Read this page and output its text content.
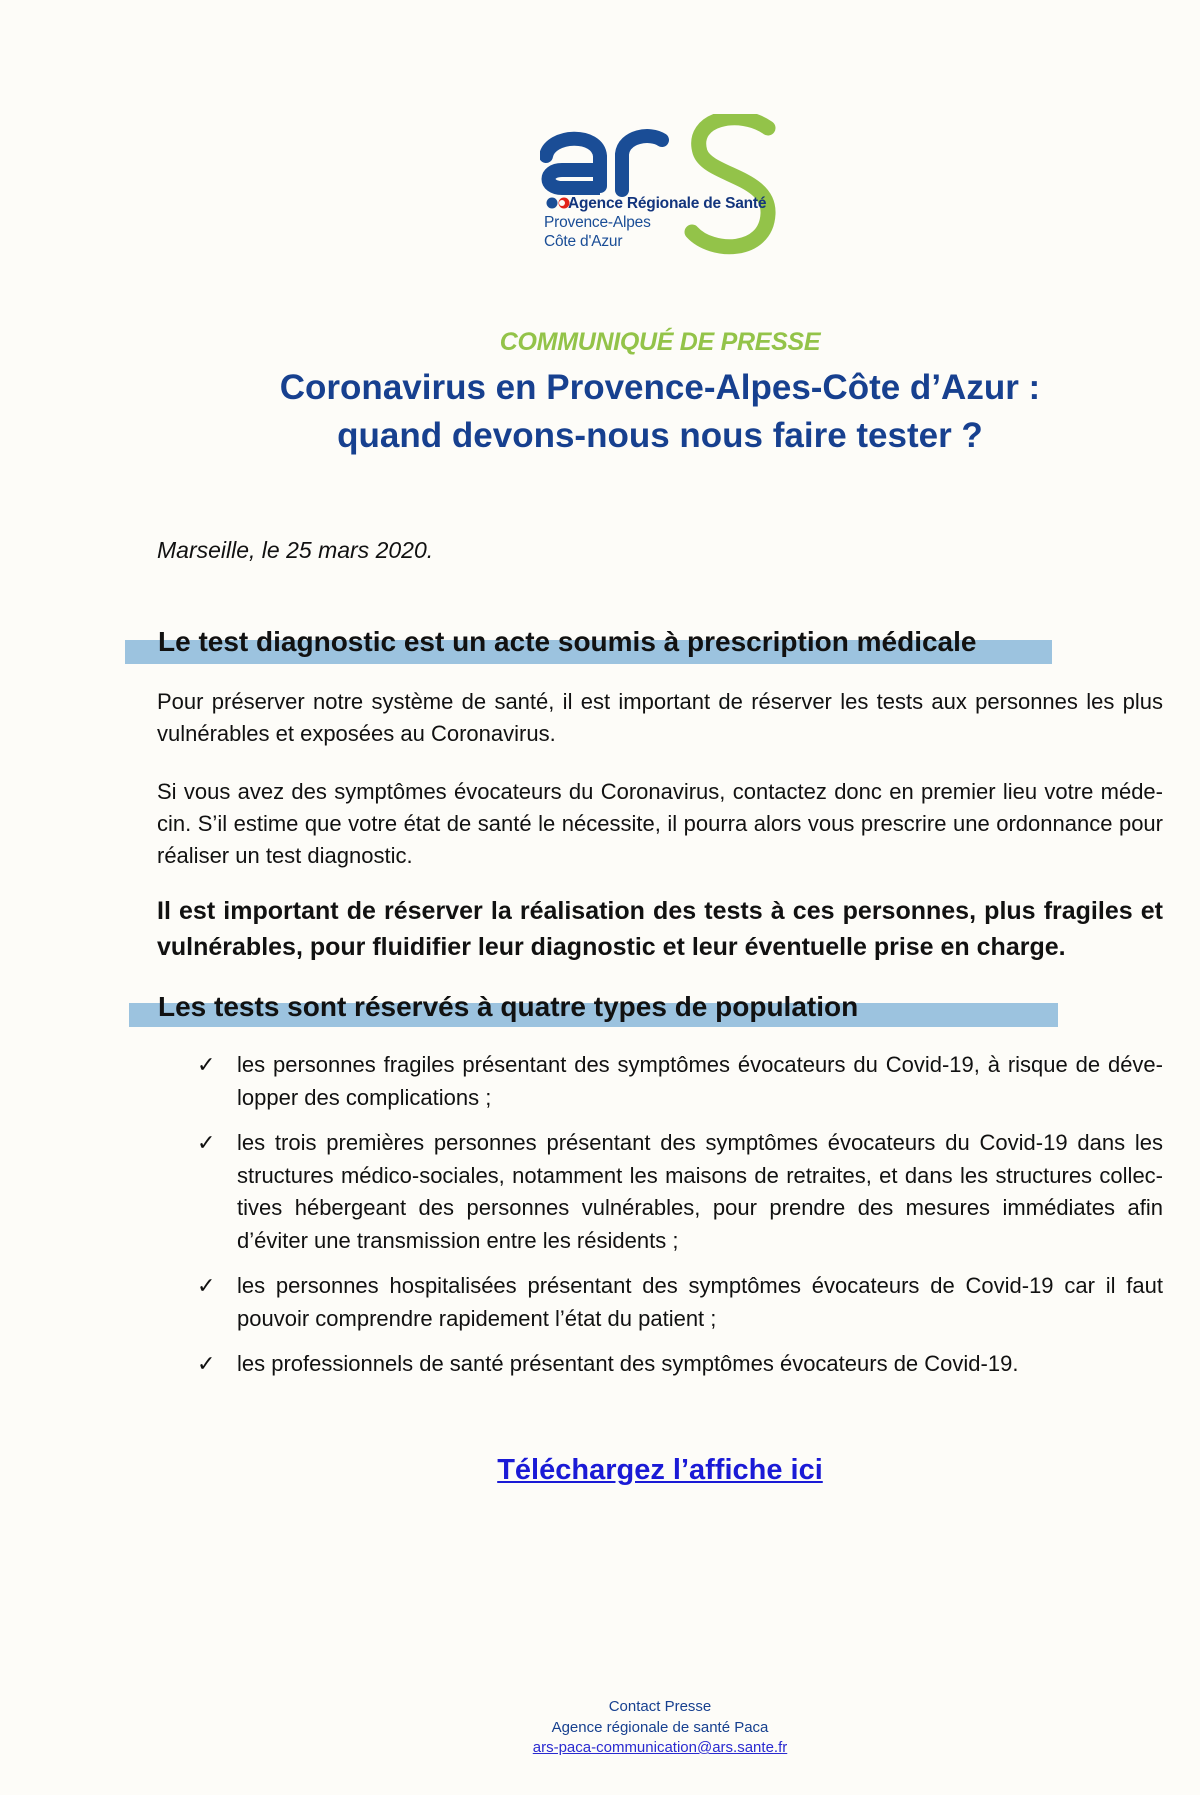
Agence Régionale de Santé
Provence-Alpes
Côte d'Azur
COMMUNIQUÉ DE PRESSE
Coronavirus en Provence-Alpes-Côte d’Azur :
quand devons-nous nous faire tester ?
Marseille, le 25 mars 2020.
Le test diagnostic est un acte soumis à prescription médicale

Pour préserver notre système de santé, il est important de réserver les tests aux personnes les plus vulnérables et exposées au Coronavirus.

Si vous avez des symptômes évocateurs du Coronavirus, contactez donc en premier lieu votre méde-cin. S’il estime que votre état de santé le nécessite, il pourra alors vous prescrire une ordonnance pour réaliser un test diagnostic.

Il est important de réserver la réalisation des tests à ces personnes, plus fragiles et vulnérables, pour fluidifier leur diagnostic et leur éventuelle prise en charge.

Les tests sont réservés à quatre types de population
✓ les personnes fragiles présentant des symptômes évocateurs du Covid-19, à risque de déve-lopper des complications ;
✓ les trois premières personnes présentant des symptômes évocateurs du Covid-19 dans les structures médico-sociales, notamment les maisons de retraites, et dans les structures collec-tives hébergeant des personnes vulnérables, pour prendre des mesures immédiates afin d’éviter une transmission entre les résidents ;
✓ les personnes hospitalisées présentant des symptômes évocateurs de Covid-19 car il faut pouvoir comprendre rapidement l’état du patient ;
✓ les professionnels de santé présentant des symptômes évocateurs de Covid-19.
Téléchargez l’affiche ici
Contact Presse
Agence régionale de santé Paca
ars-paca-communication@ars.sante.fr
